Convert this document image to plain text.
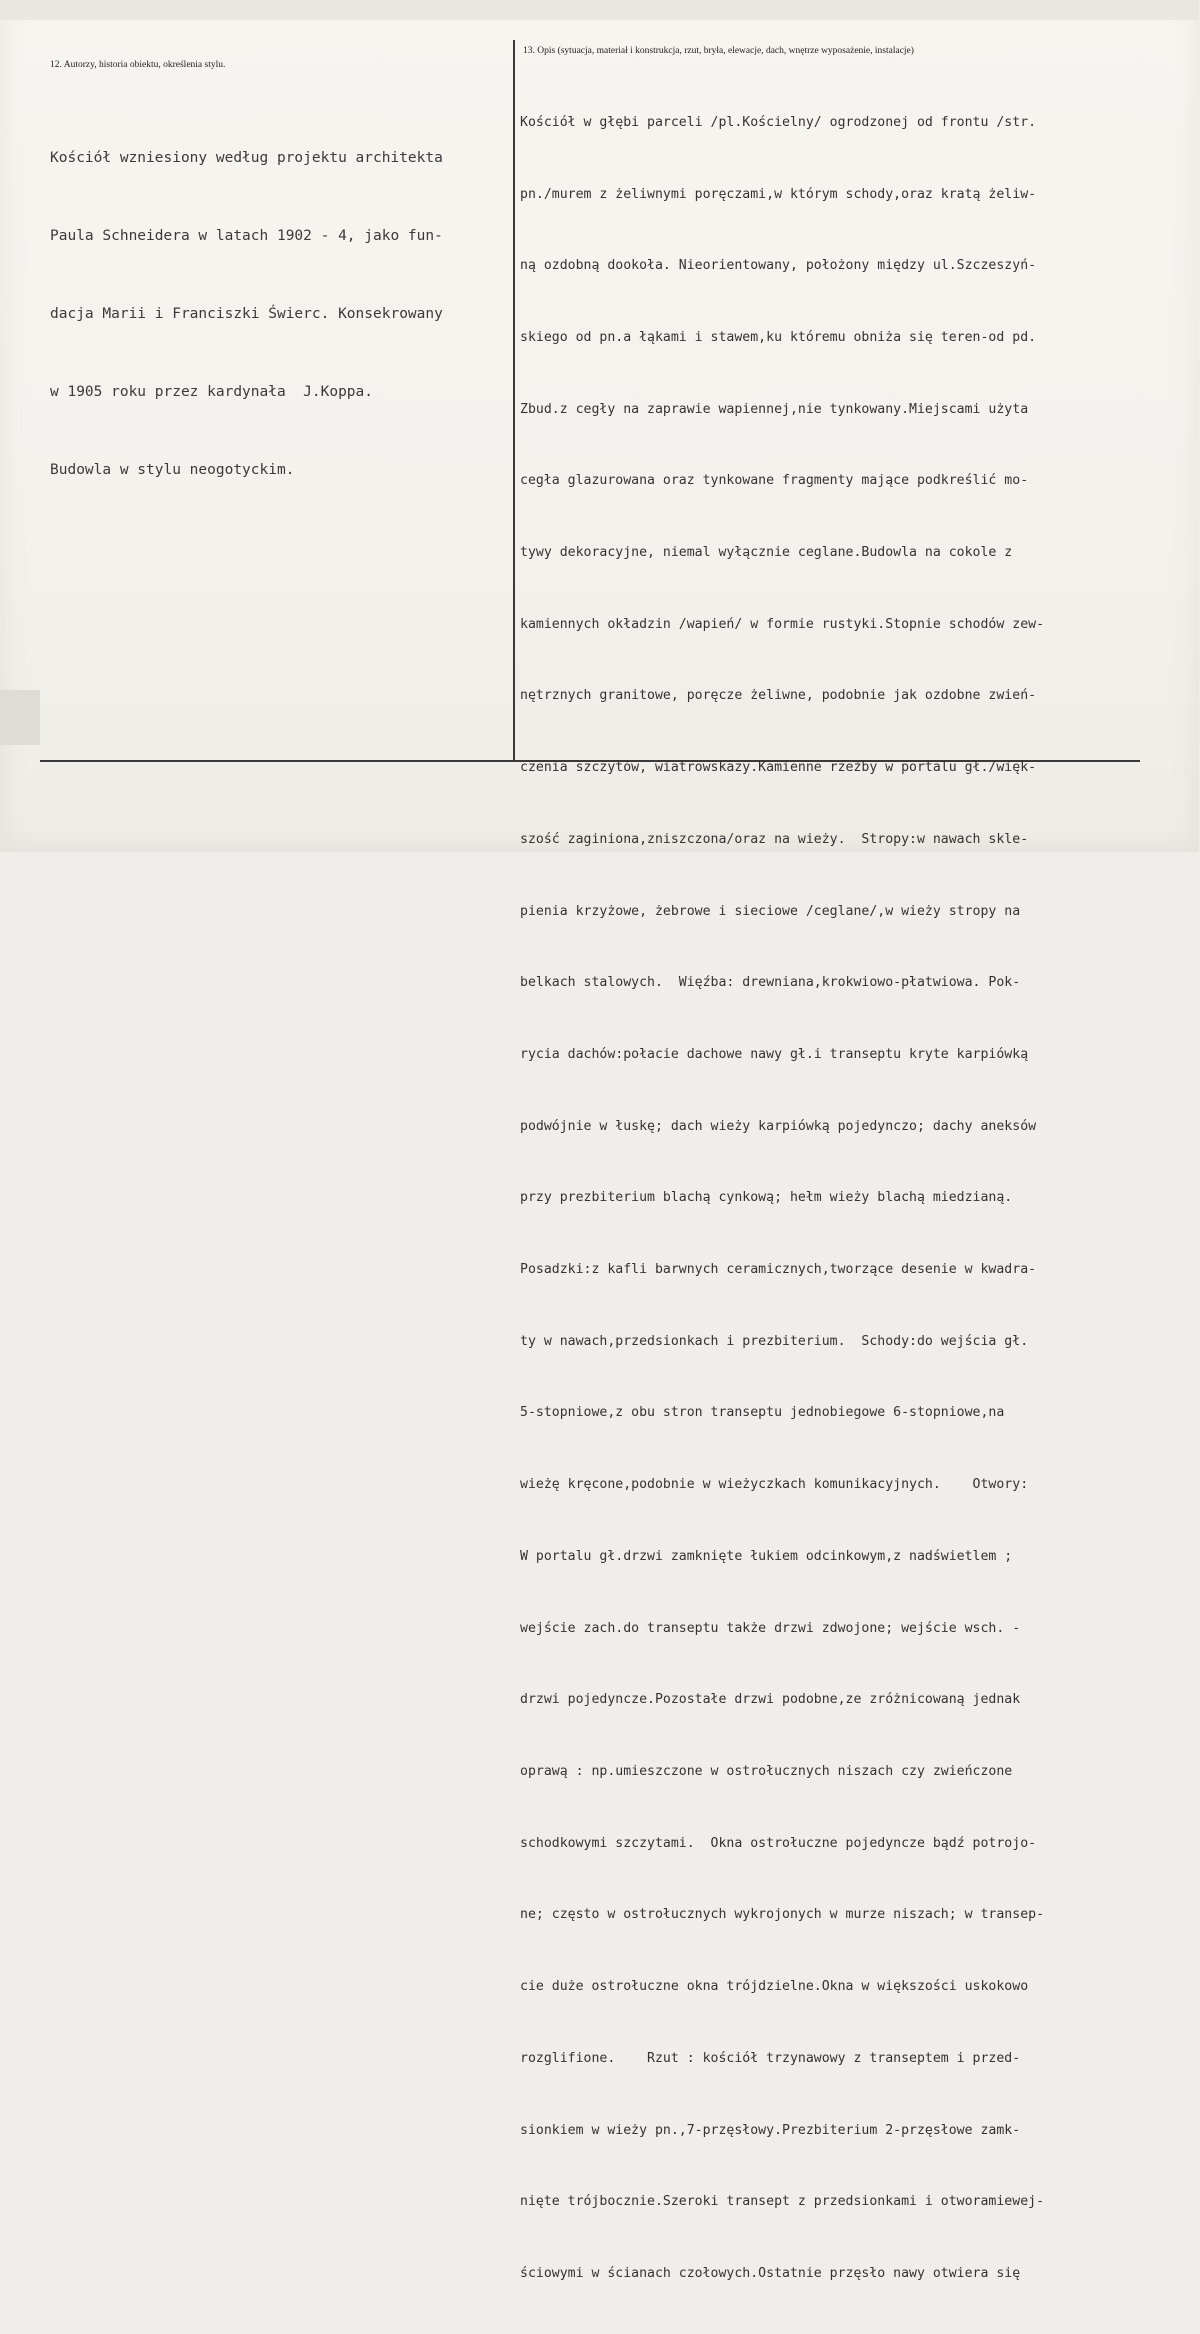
12. Autorzy, historia obiektu, określenia stylu.
13. Opis (sytuacja, materiał i konstrukcja, rzut, bryła, elewacje, dach, wnętrze wyposażenie, instalacje)

Kościół wzniesiony według projektu architekta

Paula Schneidera w latach 1902 - 4, jako fun-

dacja Marii i Franciszki Świerc. Konsekrowany

w 1905 roku przez kardynała  J.Koppa.

Budowla w stylu neogotyckim.

Kościół w głębi parceli /pl.Kościelny/ ogrodzonej od frontu /str.

pn./murem z żeliwnymi poręczami,w którym schody,oraz kratą żeliw-

ną ozdobną dookoła. Nieorientowany, położony między ul.Szczeszyń-

skiego od pn.a łąkami i stawem,ku któremu obniża się teren-od pd.

Zbud.z cegły na zaprawie wapiennej,nie tynkowany.Miejscami użyta

cegła glazurowana oraz tynkowane fragmenty mające podkreślić mo-

tywy dekoracyjne, niemal wyłącznie ceglane.Budowla na cokole z

kamiennych okładzin /wapień/ w formie rustyki.Stopnie schodów zew-

nętrznych granitowe, poręcze żeliwne, podobnie jak ozdobne zwień-

czenia szczytów, wiatrowskazy.Kamienne rzeźby w portalu gł./więk-

szość zaginiona,zniszczona/oraz na wieży.  Stropy:w nawach skle-

pienia krzyżowe, żebrowe i sieciowe /ceglane/,w wieży stropy na

belkach stalowych.  Więźba: drewniana,krokwiowo-płatwiowa. Pok-

rycia dachów:połacie dachowe nawy gł.i transeptu kryte karpiówką

podwójnie w łuskę; dach wieży karpiówką pojedynczo; dachy aneksów

przy prezbiterium blachą cynkową; hełm wieży blachą miedzianą.

Posadzki:z kafli barwnych ceramicznych,tworzące desenie w kwadra-

ty w nawach,przedsionkach i prezbiterium.  Schody:do wejścia gł.

5-stopniowe,z obu stron transeptu jednobiegowe 6-stopniowe,na

wieżę kręcone,podobnie w wieżyczkach komunikacyjnych.    Otwory:

W portalu gł.drzwi zamknięte łukiem odcinkowym,z nadświetlem ;

wejście zach.do transeptu także drzwi zdwojone; wejście wsch. -

drzwi pojedyncze.Pozostałe drzwi podobne,ze zróżnicowaną jednak

oprawą : np.umieszczone w ostrołucznych niszach czy zwieńczone

schodkowymi szczytami.  Okna ostrołuczne pojedyncze bądź potrojo-

ne; często w ostrołucznych wykrojonych w murze niszach; w transep-

cie duże ostrołuczne okna trójdzielne.Okna w większości uskokowo

rozglifione.    Rzut : kościół trzynawowy z transeptem i przed-

sionkiem w wieży pn.,7-przęsłowy.Prezbiterium 2-przęsłowe zamk-

nięte trójbocznie.Szeroki transept z przedsionkami i otworamiewej-

ściowymi w ścianach czołowych.Ostatnie przęsło nawy otwiera się
